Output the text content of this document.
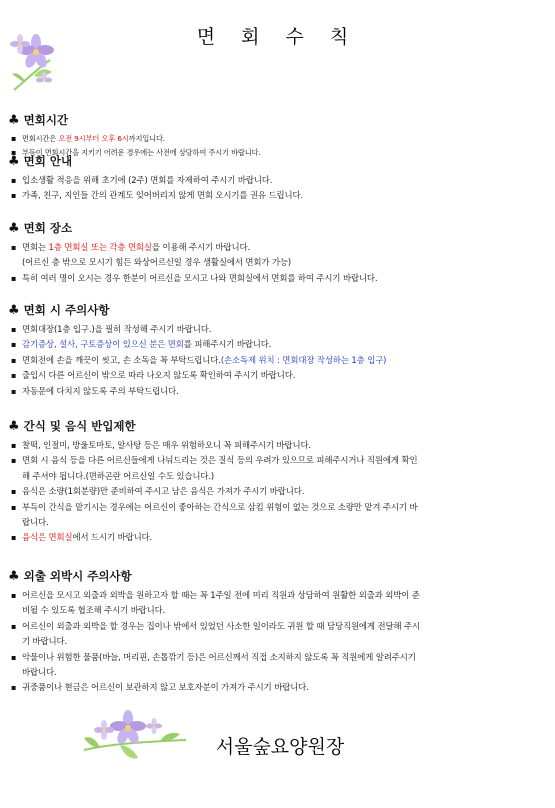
면 회 수 칙
♣ 면회시간
▪ 면회시간은 오전 9시부터 오후 6시까지입니다.
▪ 부득이 면회시간을 지키기 어려운 경우에는 사전에 상담하여 주시기 바랍니다.
♣ 면회 안내
▪ 입소생활 적응을 위해 초기에 (2주) 면회를 자제하여 주시기 바랍니다.
▪ 가족, 친구, 지인들 간의 관계도 잊어버리지 않게 면회 오시기를 권유 드립니다.
♣ 면회 장소
▪ 면회는 1층 면회실 또는 각층 면회실을 이용해 주시기 바랍니다.
(어르신 층 밖으로 모시기 힘든 와상어르신일 경우 생활실에서 면회가 가능)
▪ 특히 여러 명이 오시는 경우 한분이 어르신을 모시고 나와 면회실에서 면회를 하여 주시기 바랍니다.
♣ 면회 시 주의사항
▪ 면회대장(1층 입구.)을 필히 작성해 주시기 바랍니다.
▪ 감기증상, 설사, 구토증상이 있으신 분은 면회를 피해주시기 바랍니다.
▪ 면회전에 손을 깨끗이 씻고, 손 소독을 꼭 부탁드립니다.(손소독제 위치 : 면회대장 작성하는 1층 입구)
▪ 출입시 다른 어르신이 밖으로 따라 나오지 않도록 확인하여 주시기 바랍니다.
▪ 자동문에 다치지 않도록 주의 부탁드립니다.
♣ 간식 및 음식 반입제한
▪ 찰떡, 인절미, 방울토마토, 알사탕 등은 매우 위험하오니 꼭 피해주시기 바랍니다.
▪ 면회 시 음식 등을 다른 어르신들에게 나눠드리는 것은 질식 등의 우려가 있으므로 피해주시거나 직원에게 확인
해 주셔야 됩니다.(면하곤란 어르신일 수도 있습니다.)
▪ 음식은 소량(1회분량)만 준비하여 주시고 남은 음식은 가져가 주시기 바랍니다.
▪ 부득이 간식을 맡기시는 경우에는 어르신이 좋아하는 간식으로 삼킴 위험이 없는 것으로 소량만 맡겨 주시기 바
랍니다.
▪ 음식은 면회실에서 드시기 바랍니다.
♣ 외출 외박시 주의사항
▪ 어르신을 모시고 외출과 외박을 원하고자 할 때는 꼭 1주일 전에 미리 직원과 상담하여 원활한 외출과 외박이 준
비될 수 있도록 협조해 주시기 바랍니다.
▪ 어르신이 외출과 외박을 할 경우는 집이나 밖에서 있었던 사소한 일이라도 귀원 할 때 담당직원에게 전달해 주시
기 바랍니다.
▪ 악물이나 위험한 물품(바늘, 머리핀, 손톱깎기 등)은 어르신께서 직접 소지하지 않도록 꼭 직원에게 알려주시기
바랍니다.
▪ 귀중품이나 현금은 어르신이 보관하지 않고 보호자분이 가져가 주시기 바랍니다.
서울숲요양원장
